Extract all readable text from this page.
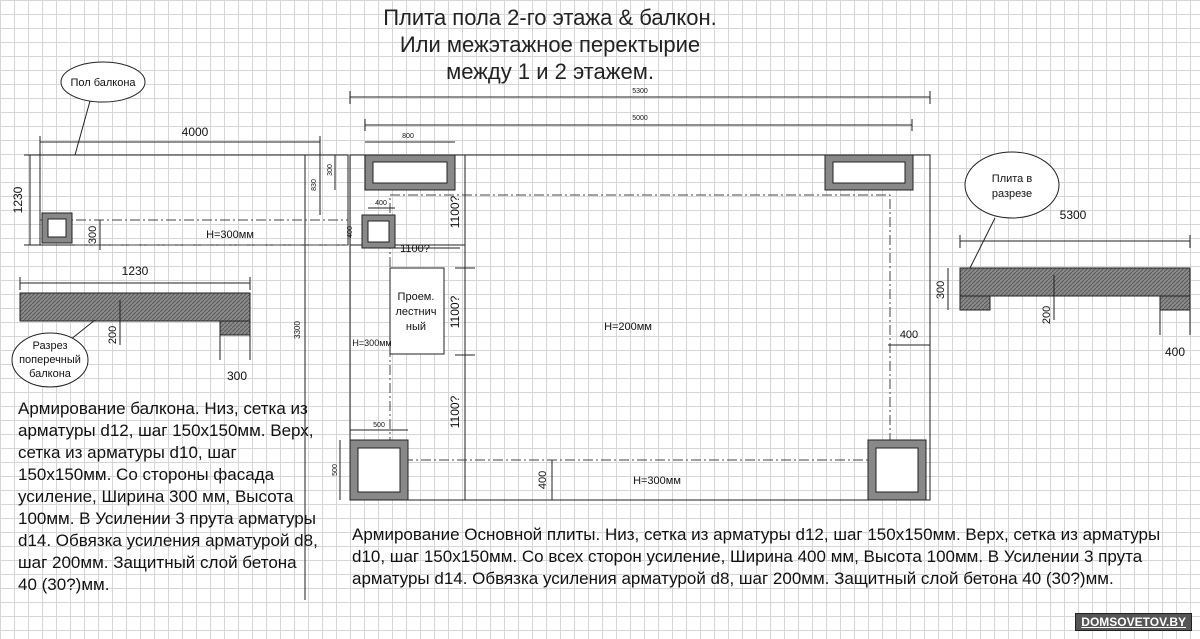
Плита пола 2-го этажа & балкон.
Или межэтажное перектырие
между 1 и 2 этажем.
4000
1230
300	H=300мм
830
300
3300
Пол балкона
1230
200
300
Разрез
поперечный
балкона
5300
5000
800
400
400
1100?
1100?
1100?
1100?
Проем.
лестнич
ный
H=300мм
H=200мм
400
500
500
400	H=300мм
5300
300
200
400
Плита в
разрезе
Армирование балкона. Низ, сетка из арматуры d12, шаг 150х150мм. Верх, сетка из арматуры d10, шаг 150х150мм. Со стороны фасада усиление, Ширина 300 мм, Высота 100мм. В Усилении 3 прута арматуры d14. Обвязка усиления арматурой d8, шаг 200мм. Защитный слой бетона 40 (30?)мм.
Армирование Основной плиты. Низ, сетка из арматуры d12, шаг 150х150мм. Верх, сетка из арматуры d10, шаг 150х150мм. Со всех сторон усиление, Ширина 400 мм, Высота 100мм. В Усилении 3 прута арматуры d14. Обвязка усиления арматурой d8, шаг 200мм. Защитный слой бетона 40 (30?)мм.
DOMSOVETOV.BY
